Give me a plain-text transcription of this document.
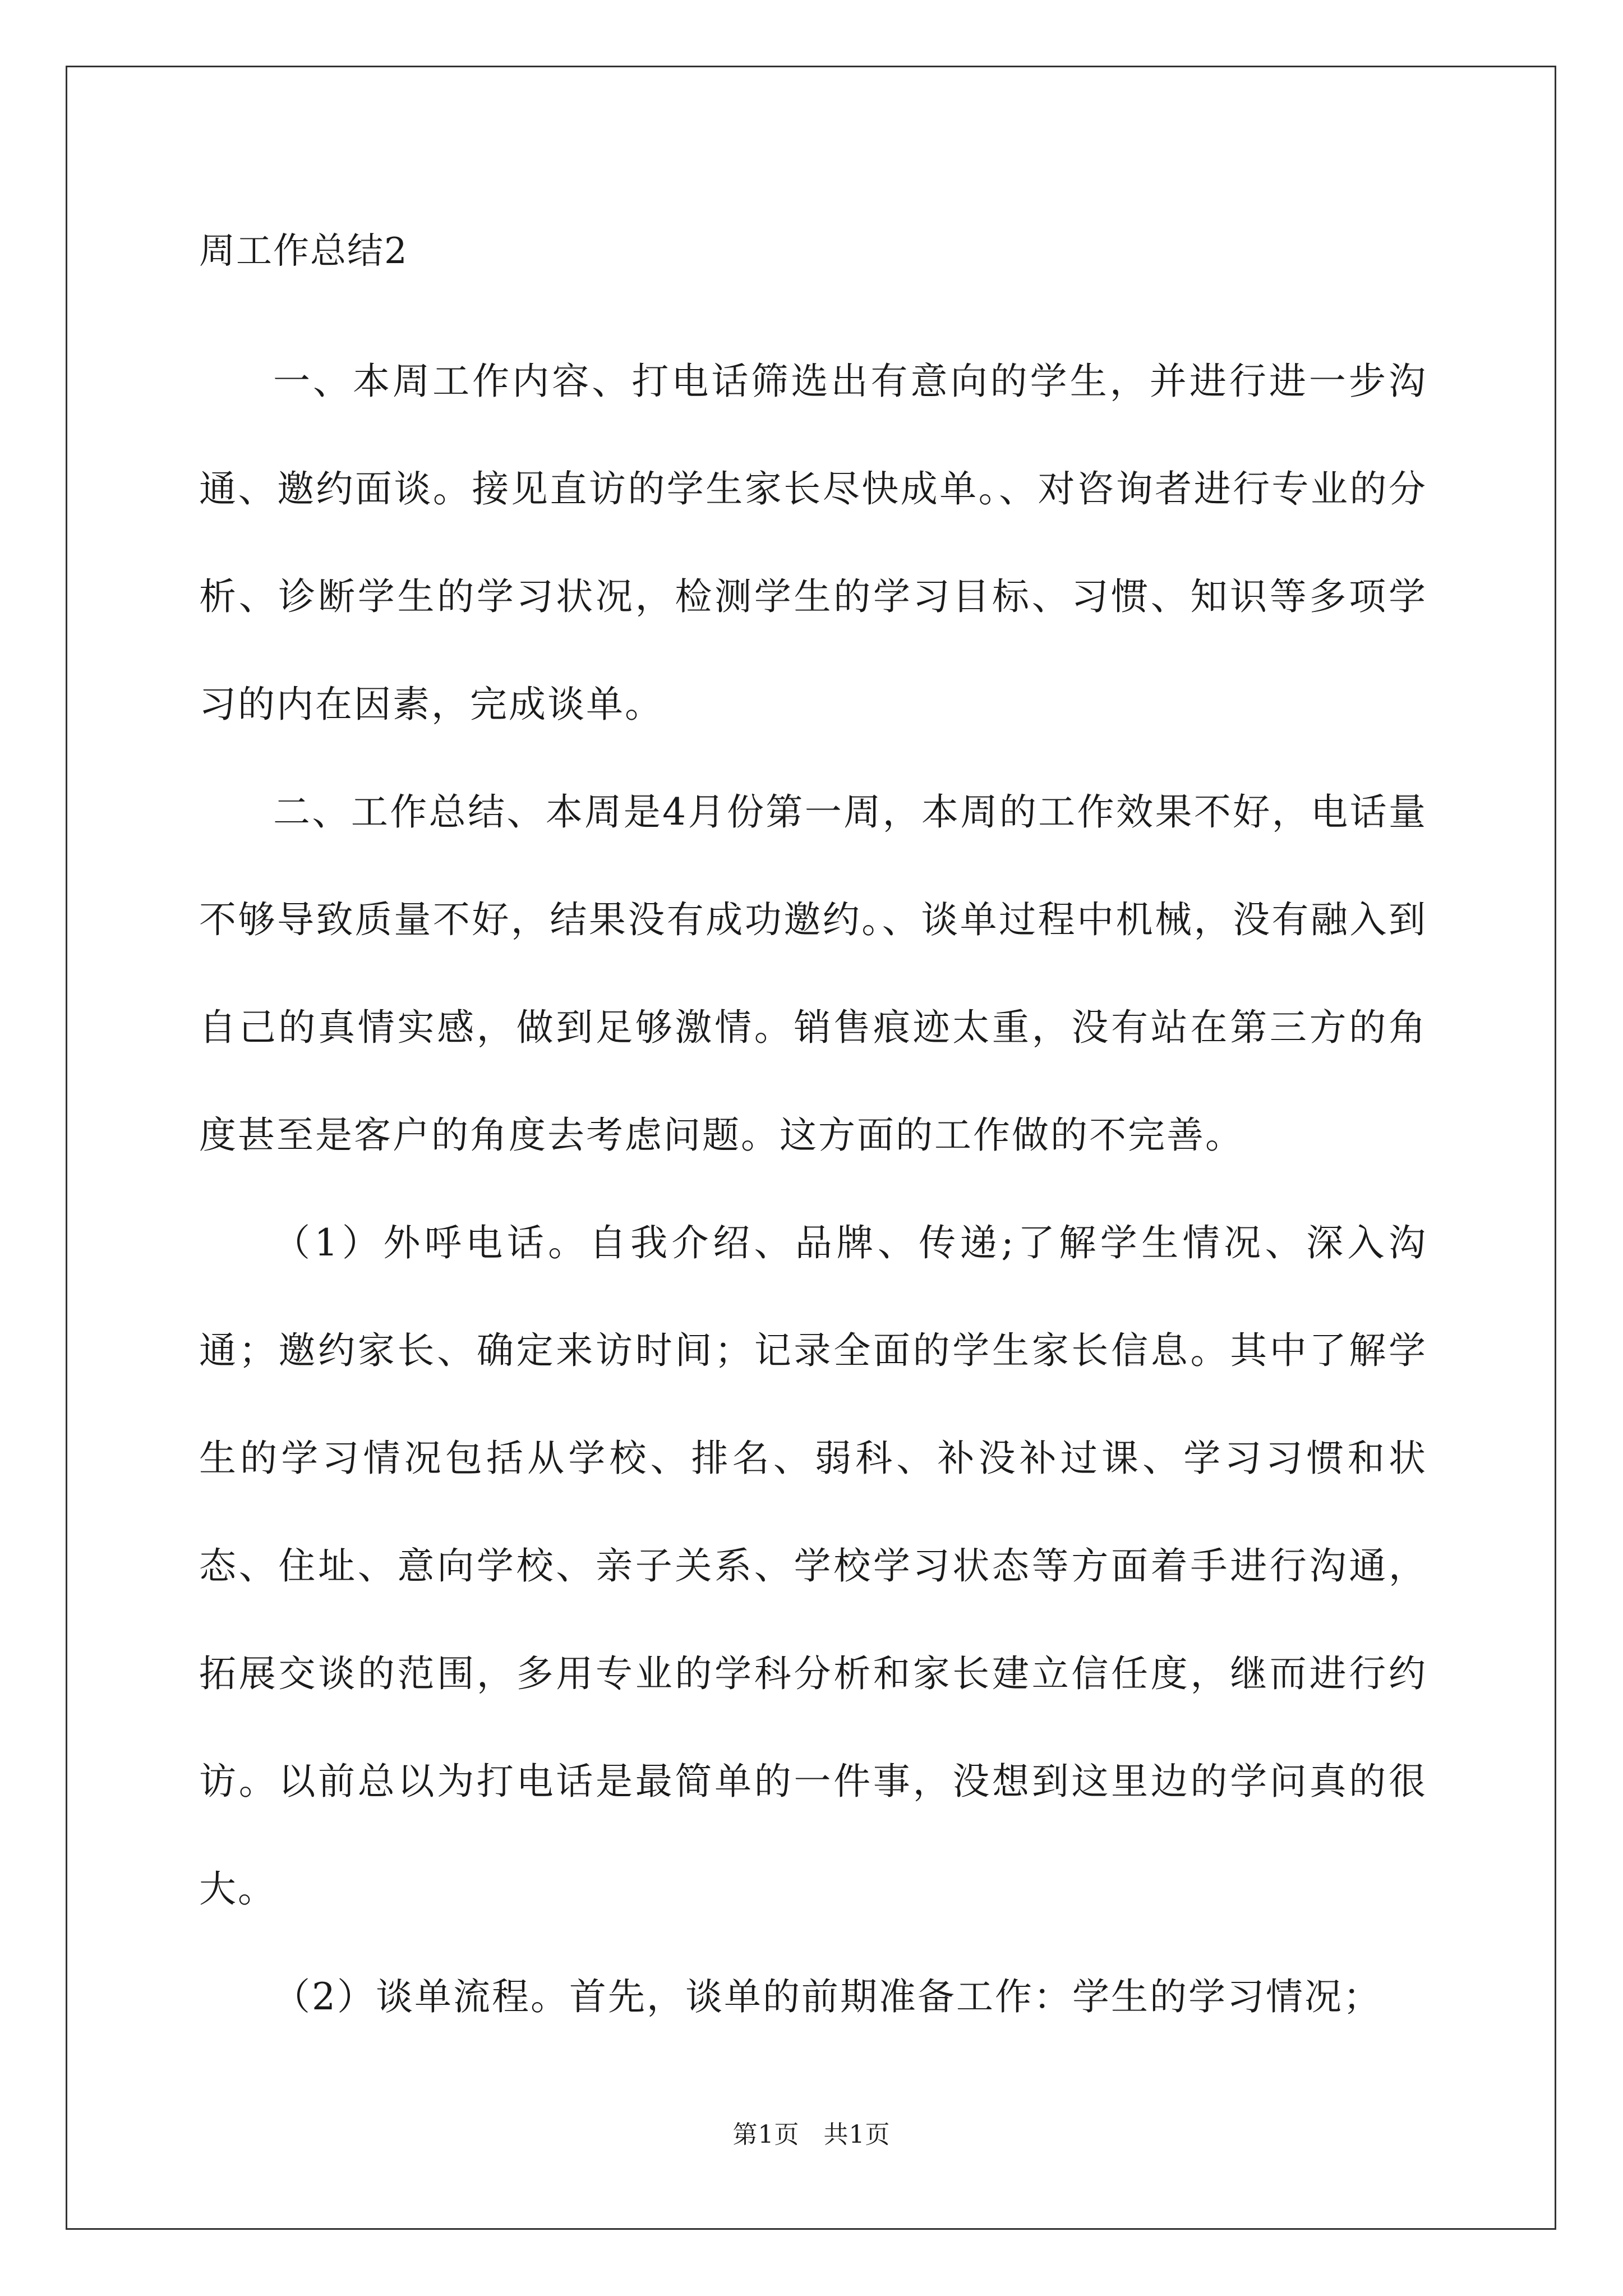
周工作总结2

一、本周工作内容、打电话筛选出有意向的学生，并进行进一步沟通、邀约面谈。接见直访的学生家长尽快成单。、对咨询者进行专业的分析、诊断学生的学习状况，检测学生的学习目标、习惯、知识等多项学习的内在因素，完成谈单。

二、工作总结、本周是4月份第一周，本周的工作效果不好，电话量不够导致质量不好，结果没有成功邀约。、谈单过程中机械，没有融入到自己的真情实感，做到足够激情。销售痕迹太重，没有站在第三方的角度甚至是客户的角度去考虑问题。这方面的工作做的不完善。

（1）外呼电话。自我介绍、品牌、传递;了解学生情况、深入沟通；邀约家长、确定来访时间；记录全面的学生家长信息。其中了解学生的学习情况包括从学校、排名、弱科、补没补过课、学习习惯和状态、住址、意向学校、亲子关系、学校学习状态等方面着手进行沟通，拓展交谈的范围，多用专业的学科分析和家长建立信任度，继而进行约访。以前总以为打电话是最简单的一件事，没想到这里边的学问真的很大。

（2）谈单流程。首先，谈单的前期准备工作：学生的学习情况；

第1页 共1页
